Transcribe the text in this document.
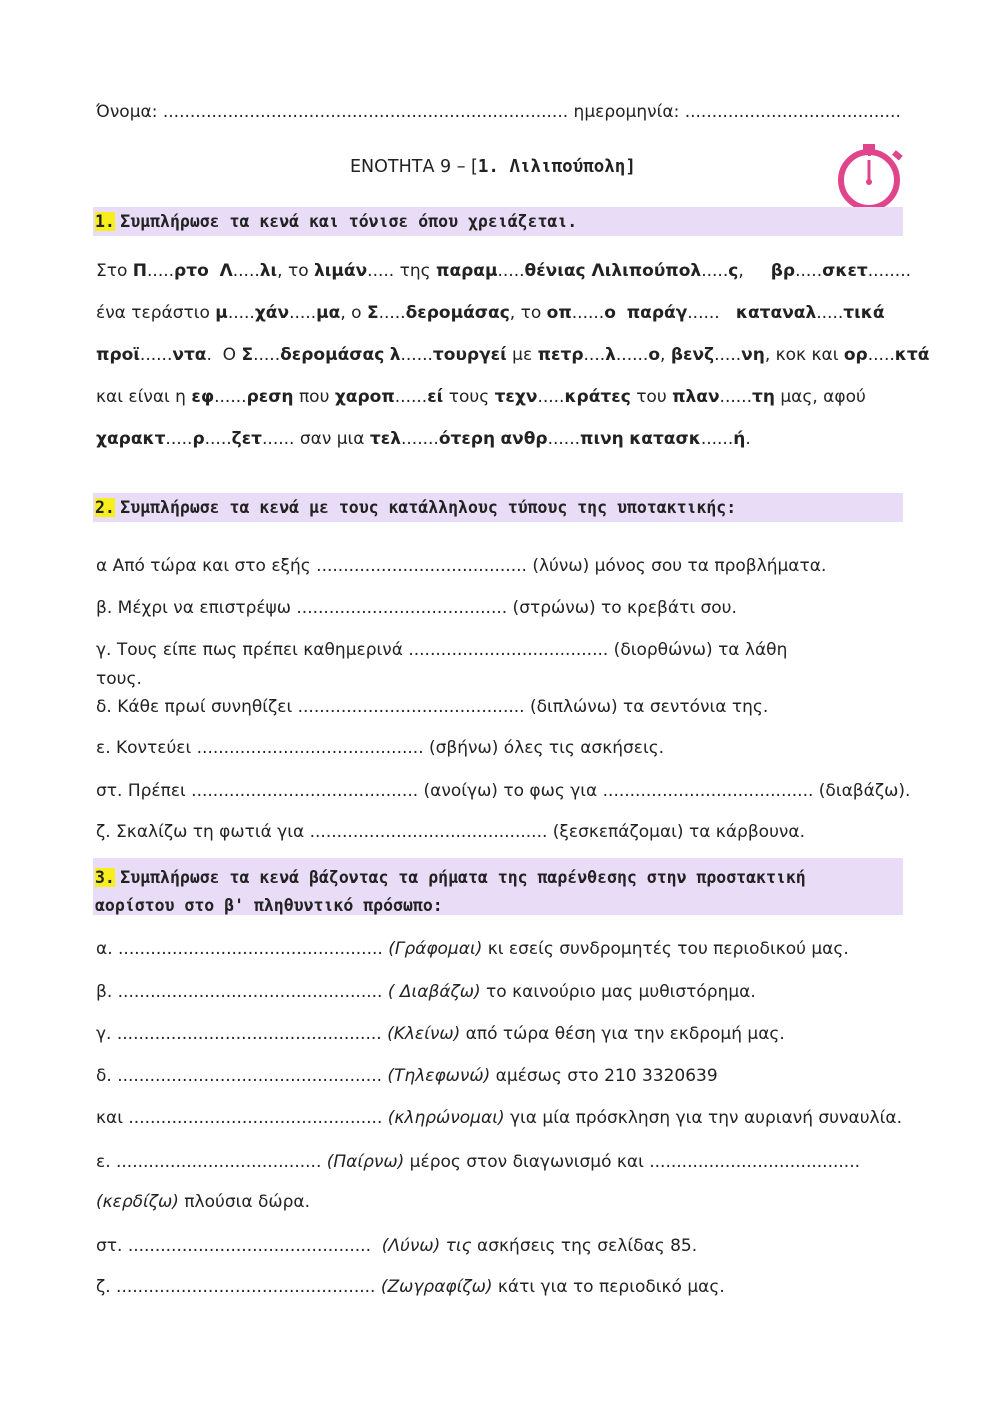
Όνομα: ........................................................................... ημερομηνία: ........................................
ΕΝΟΤΗΤΑ 9 – [1. Λιλιπούπολη]
1. Συμπλήρωσε τα κενά και τόνισε όπου χρειάζεται.
Στο Π.....ρτο Λ.....λι, το λιμάν..... της παραμ.....θένιας Λιλιπούπολ.....ς,     βρ.....σκετ........
ένα τεράστιο μ.....χάν.....μα, ο Σ.....δερομάσας, το οπ......ο παράγ......   καταναλ.....τικά
προϊ......ντα.  Ο Σ.....δερομάσας λ......τουργεί με πετρ....λ......ο, βενζ.....νη, κοκ και ορ.....κτά
και είναι η εφ......ρεση που χαροπ......εί τους τεχν.....κράτες του πλαν......τη μας, αφού
χαρακτ.....ρ.....ζετ...... σαν μια τελ.......ότερη ανθρ......πινη κατασκ......ή.
2. Συμπλήρωσε τα κενά με τους κατάλληλους τύπους της υποτακτικής:
α Από τώρα και στο εξής ....................................... (λύνω) μόνος σου τα προβλήματα.
β. Μέχρι να επιστρέψω ....................................... (στρώνω) το κρεβάτι σου.
γ. Τους είπε πως πρέπει καθημερινά ..................................... (διορθώνω) τα λάθη
τους.
δ. Κάθε πρωί συνηθίζει .......................................... (διπλώνω) τα σεντόνια της.
ε. Κοντεύει .......................................... (σβήνω) όλες τις ασκήσεις.
στ. Πρέπει .......................................... (ανοίγω) το φως για ....................................... (διαβάζω).
ζ. Σκαλίζω τη φωτιά για ............................................ (ξεσκεπάζομαι) τα κάρβουνα.
3. Συμπλήρωσε τα κενά βάζοντας τα ρήματα της παρένθεσης στην προστακτική
αορίστου στο β' πληθυντικό πρόσωπο:
α. ................................................. (Γράφομαι) κι εσείς συνδρομητές του περιοδικού μας.
β. ................................................. ( Διαβάζω) το καινούριο μας μυθιστόρημα.
γ. ................................................. (Κλείνω) από τώρα θέση για την εκδρομή μας.
δ. ................................................. (Τηλεφωνώ) αμέσως στο 210 3320639
και ............................................... (κληρώνομαι) για μία πρόσκληση για την αυριανή συναυλία.
ε. ...................................... (Παίρνω) μέρος στον διαγωνισμό και .......................................
(κερδίζω) πλούσια δώρα.
στ. .............................................  (Λύνω) τις ασκήσεις της σελίδας 85.
ζ. ................................................ (Ζωγραφίζω) κάτι για το περιοδικό μας.
